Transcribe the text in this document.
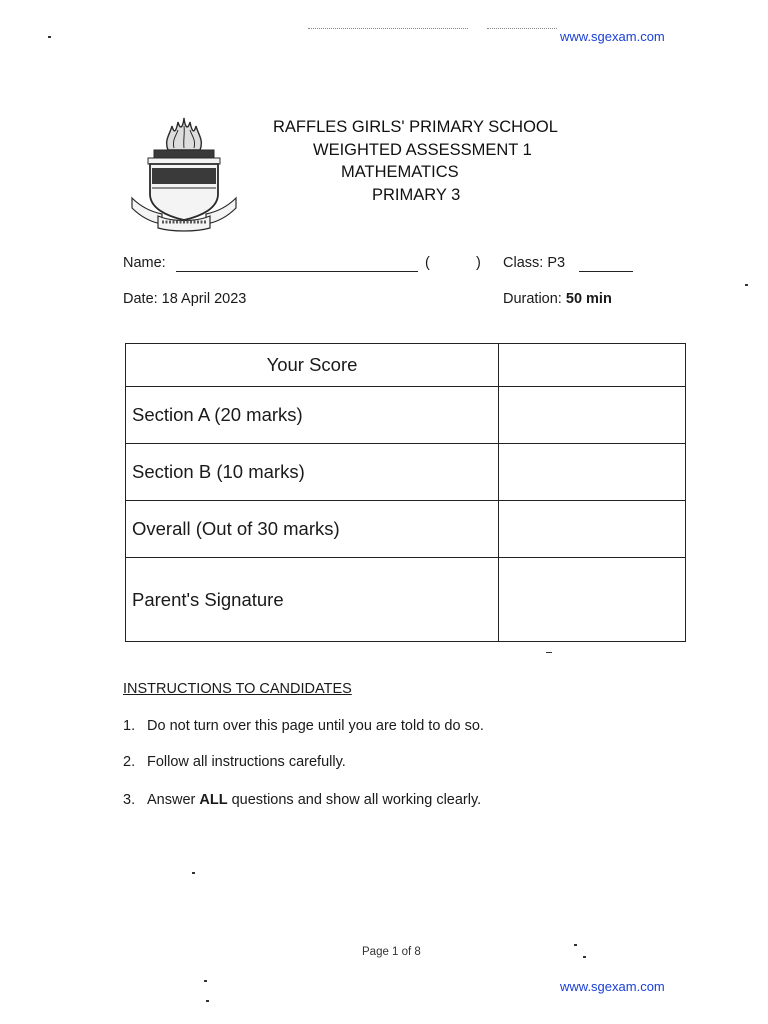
www.sgexam.com
RAFFLES GIRLS' PRIMARY SCHOOL
WEIGHTED ASSESSMENT 1
MATHEMATICS
PRIMARY 3
Name:	(	) Class: P3
Date: 18 April 2023	Duration: 50 min
Your Score	
Section A (20 marks)	
Section B (10 marks)	
Overall (Out of 30 marks)	
Parent's Signature	
INSTRUCTIONS TO CANDIDATES
1. Do not turn over this page until you are told to do so.
2. Follow all instructions carefully.
3. Answer ALL questions and show all working clearly.
Page 1 of 8
www.sgexam.com
